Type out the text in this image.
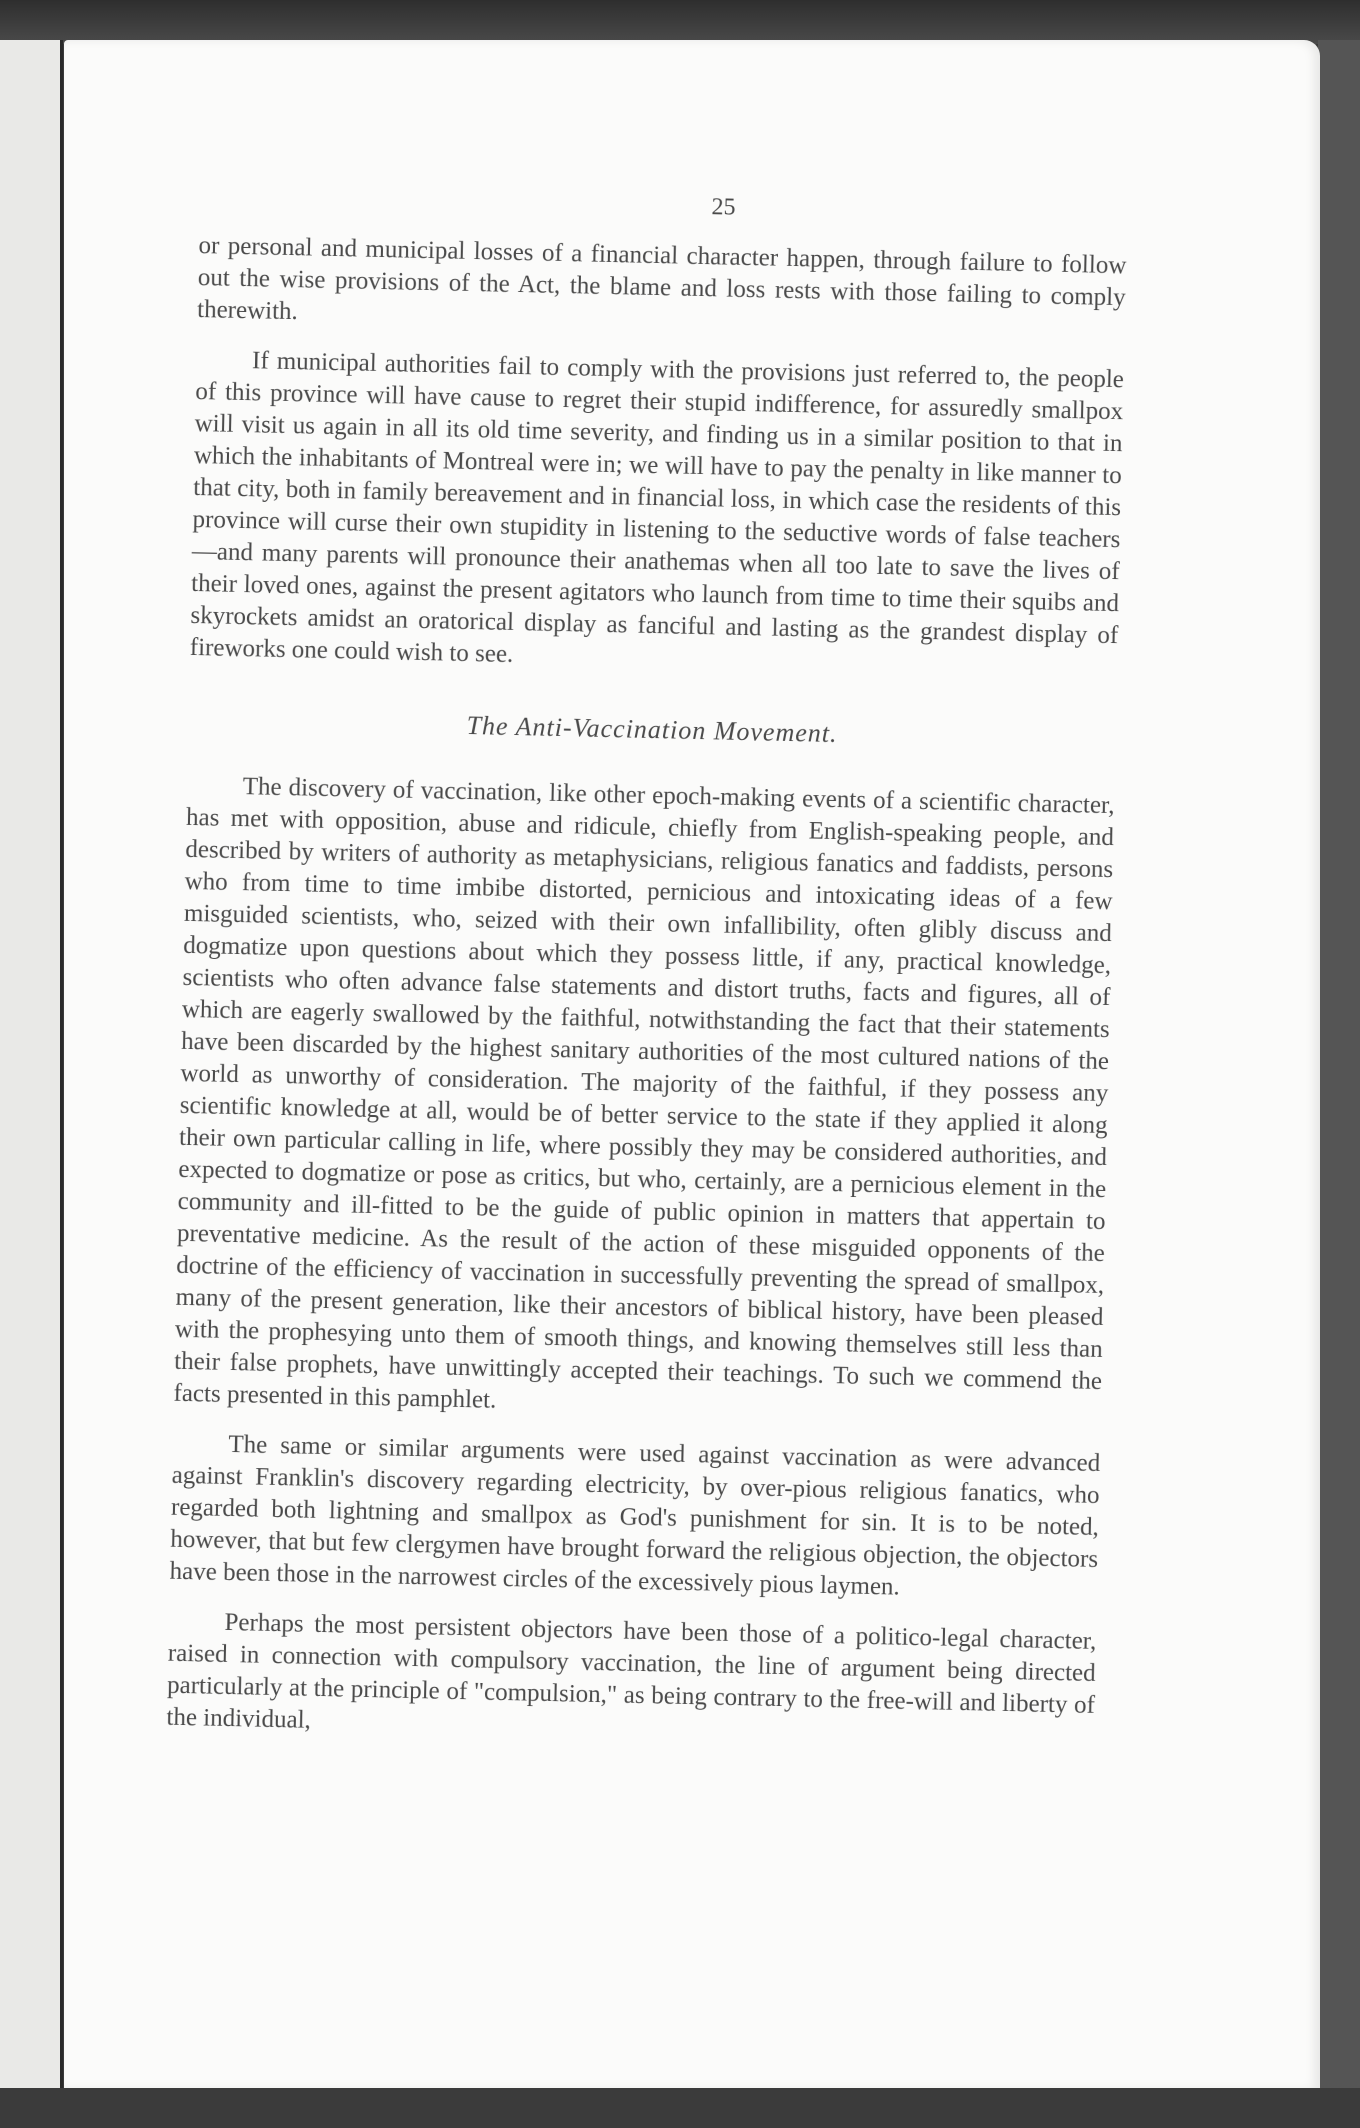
25

or personal and municipal losses of a financial character happen, through failure to follow out the wise provisions of the Act, the blame and loss rests with those failing to comply therewith.

If municipal authorities fail to comply with the provisions just referred to, the people of this province will have cause to regret their stupid indifference, for assuredly smallpox will visit us again in all its old time severity, and finding us in a similar position to that in which the inhabitants of Montreal were in; we will have to pay the penalty in like manner to that city, both in family bereavement and in financial loss, in which case the residents of this province will curse their own stupidity in listening to the seductive words of false teachers—and many parents will pronounce their anathemas when all too late to save the lives of their loved ones, against the present agitators who launch from time to time their squibs and skyrockets amidst an oratorical display as fanciful and lasting as the grandest display of fireworks one could wish to see.

The Anti-Vaccination Movement.

The discovery of vaccination, like other epoch-making events of a scientific character, has met with opposition, abuse and ridicule, chiefly from English-speaking people, and described by writers of authority as metaphysicians, religious fanatics and faddists, persons who from time to time imbibe distorted, pernicious and intoxicating ideas of a few misguided scientists, who, seized with their own infallibility, often glibly discuss and dogmatize upon questions about which they possess little, if any, practical knowledge, scientists who often advance false statements and distort truths, facts and figures, all of which are eagerly swallowed by the faithful, notwithstanding the fact that their statements have been discarded by the highest sanitary authorities of the most cultured nations of the world as unworthy of consideration. The majority of the faithful, if they possess any scientific knowledge at all, would be of better service to the state if they applied it along their own particular calling in life, where possibly they may be considered authorities, and expected to dogmatize or pose as critics, but who, certainly, are a pernicious element in the community and ill-fitted to be the guide of public opinion in matters that appertain to preventative medicine. As the result of the action of these misguided opponents of the doctrine of the efficiency of vaccination in successfully preventing the spread of smallpox, many of the present generation, like their ancestors of biblical history, have been pleased with the prophesying unto them of smooth things, and knowing themselves still less than their false prophets, have unwittingly accepted their teachings. To such we commend the facts presented in this pamphlet.

The same or similar arguments were used against vaccination as were advanced against Franklin's discovery regarding electricity, by over-pious religious fanatics, who regarded both lightning and smallpox as God's punishment for sin. It is to be noted, however, that but few clergymen have brought forward the religious objection, the objectors have been those in the narrowest circles of the excessively pious laymen.

Perhaps the most persistent objectors have been those of a politico-legal character, raised in connection with compulsory vaccination, the line of argument being directed particularly at the principle of "compulsion," as being contrary to the free-will and liberty of the individual,
